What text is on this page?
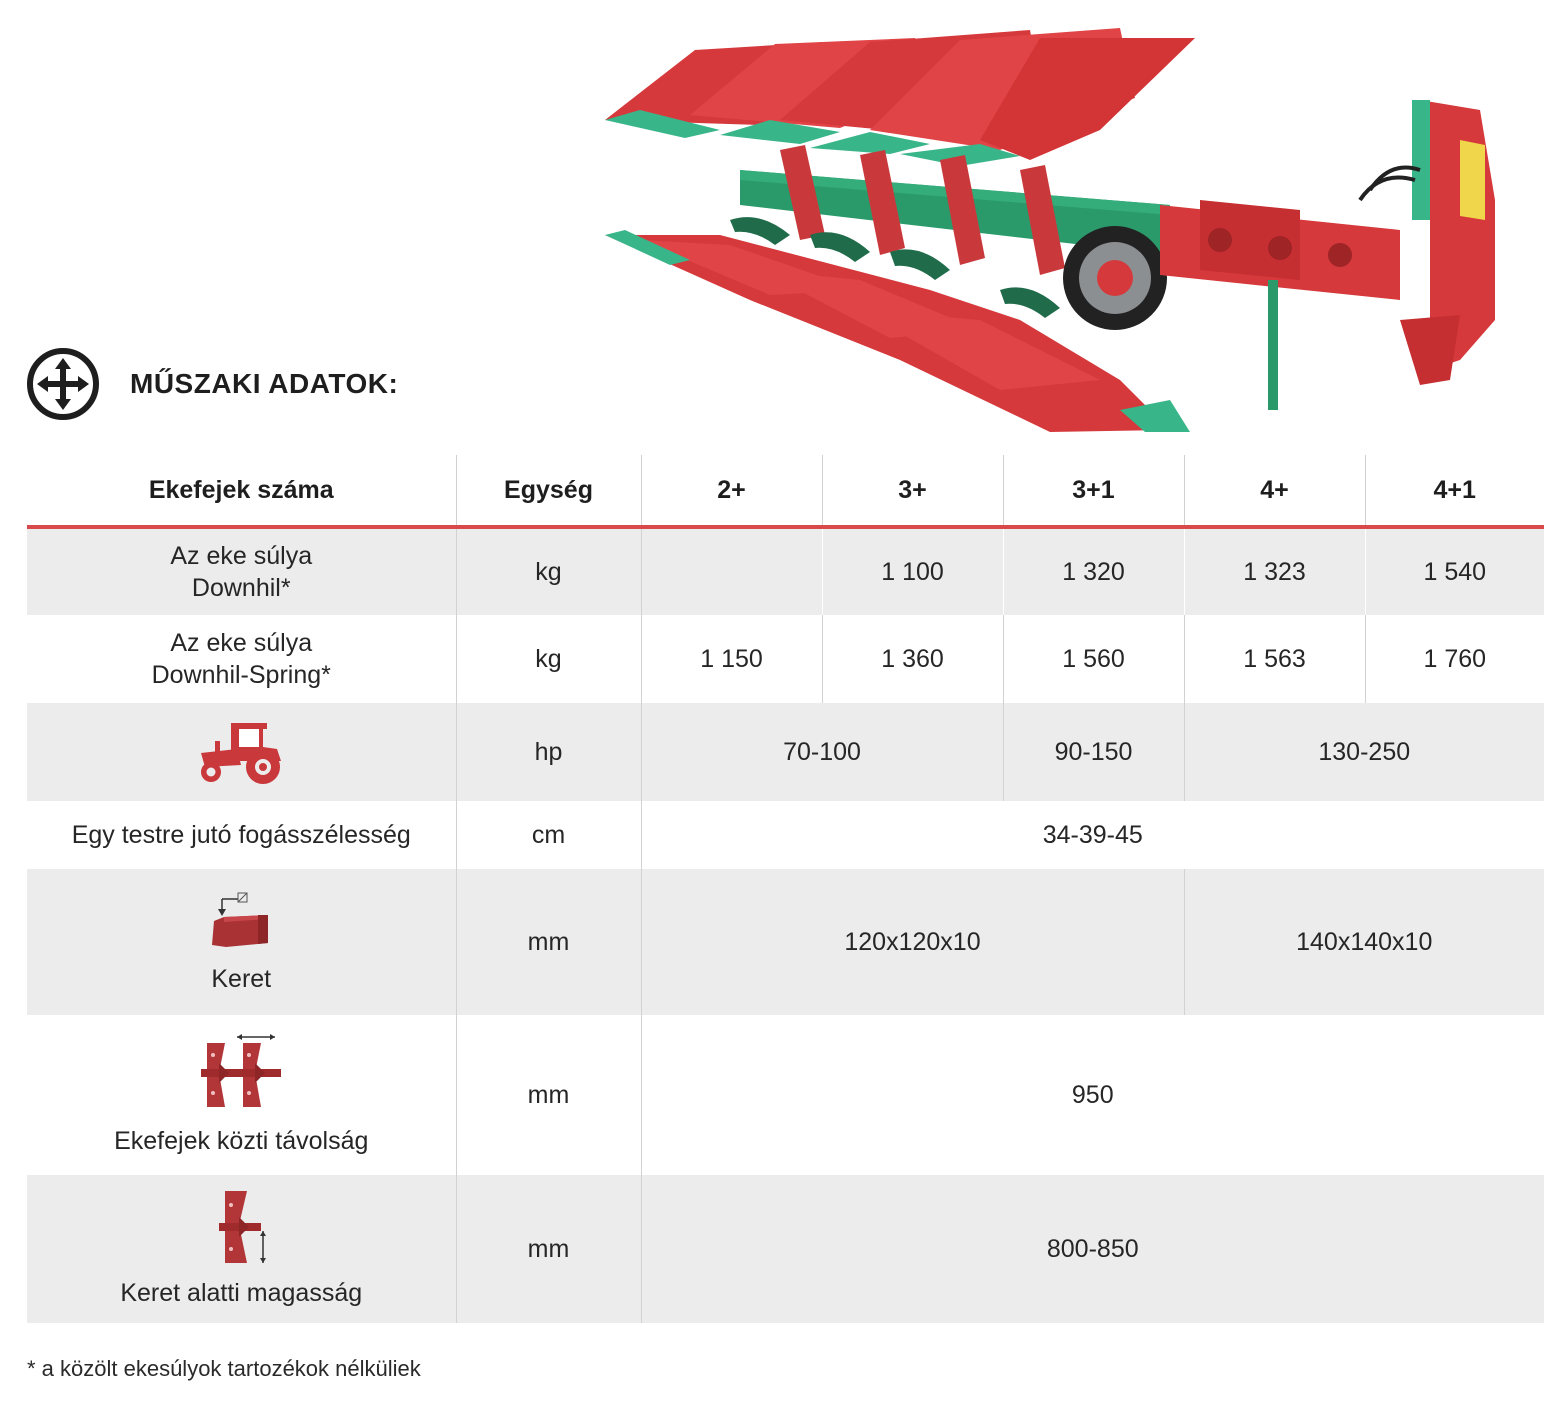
MŰSZAKI ADATOK:
Ekefejek száma	Egység	2+	3+	3+1	4+	4+1
Az eke súlya
Downhil*	kg		1 100	1 320	1 323	1 540
Az eke súlya
Downhil-Spring*	kg	1 150	1 360	1 560	1 563	1 760

	hp	70-100		90-150	130-250	
Egy testre jutó fogásszélesség	cm	34-39-45				

Keret	mm	120x120x10			140x140x10	

Ekefejek közti távolság	mm	950				

Keret alatti magasság	mm	800-850				
* a közölt ekesúlyok tartozékok nélküliek
